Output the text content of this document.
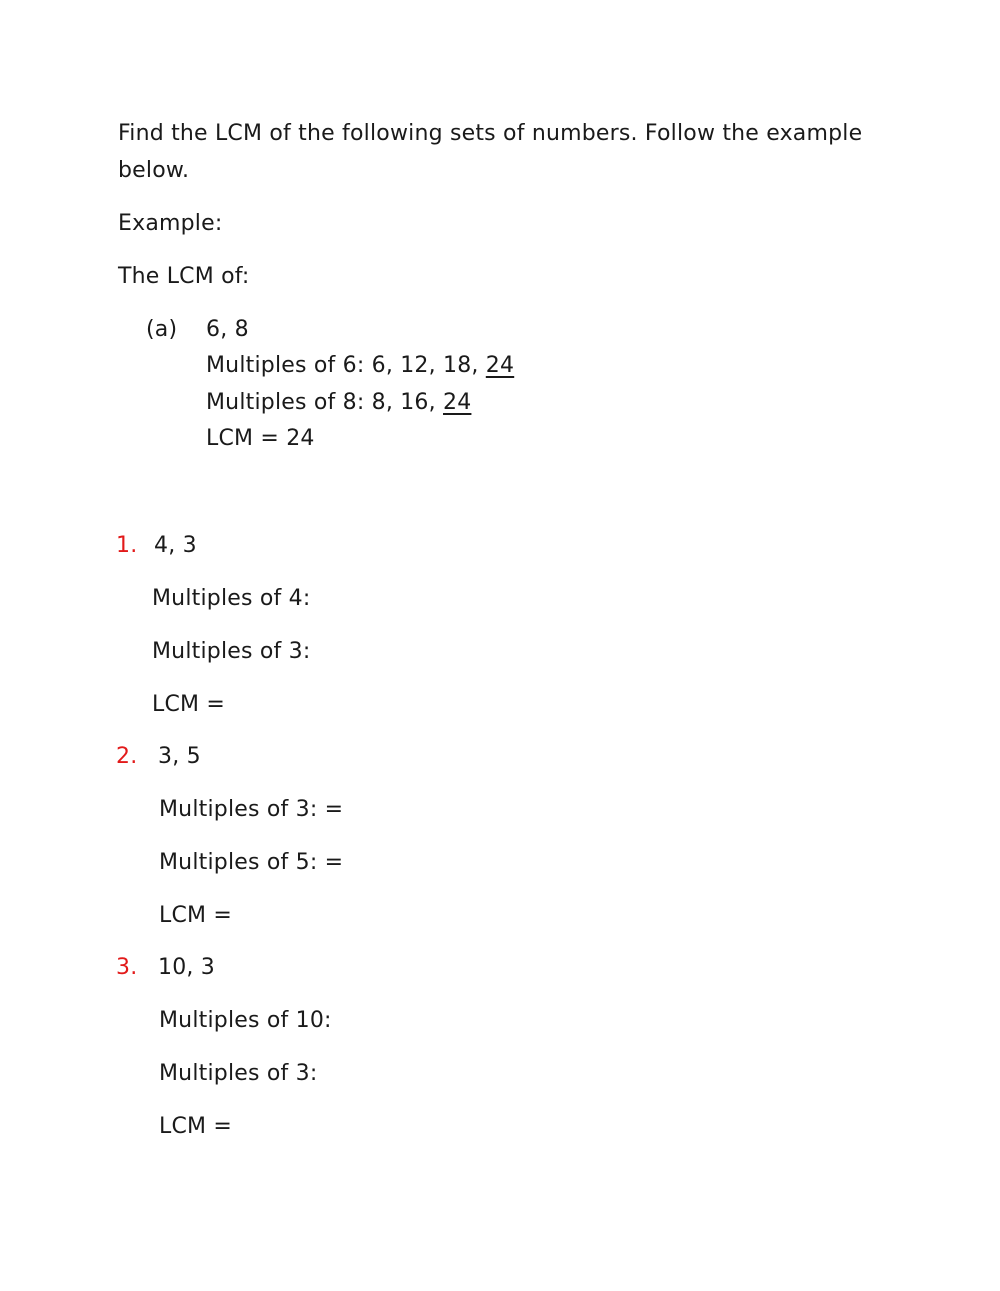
Find the LCM of the following sets of numbers. Follow the example
below.
Example:
The LCM of:
(a) 6, 8
Multiples of 6: 6, 12, 18, 24
Multiples of 8: 8, 16, 24
LCM = 24
1. 4, 3
Multiples of 4:
Multiples of 3:
LCM =
2. 3, 5
Multiples of 3: =
Multiples of 5: =
LCM =
3. 10, 3
Multiples of 10:
Multiples of 3:
LCM =
